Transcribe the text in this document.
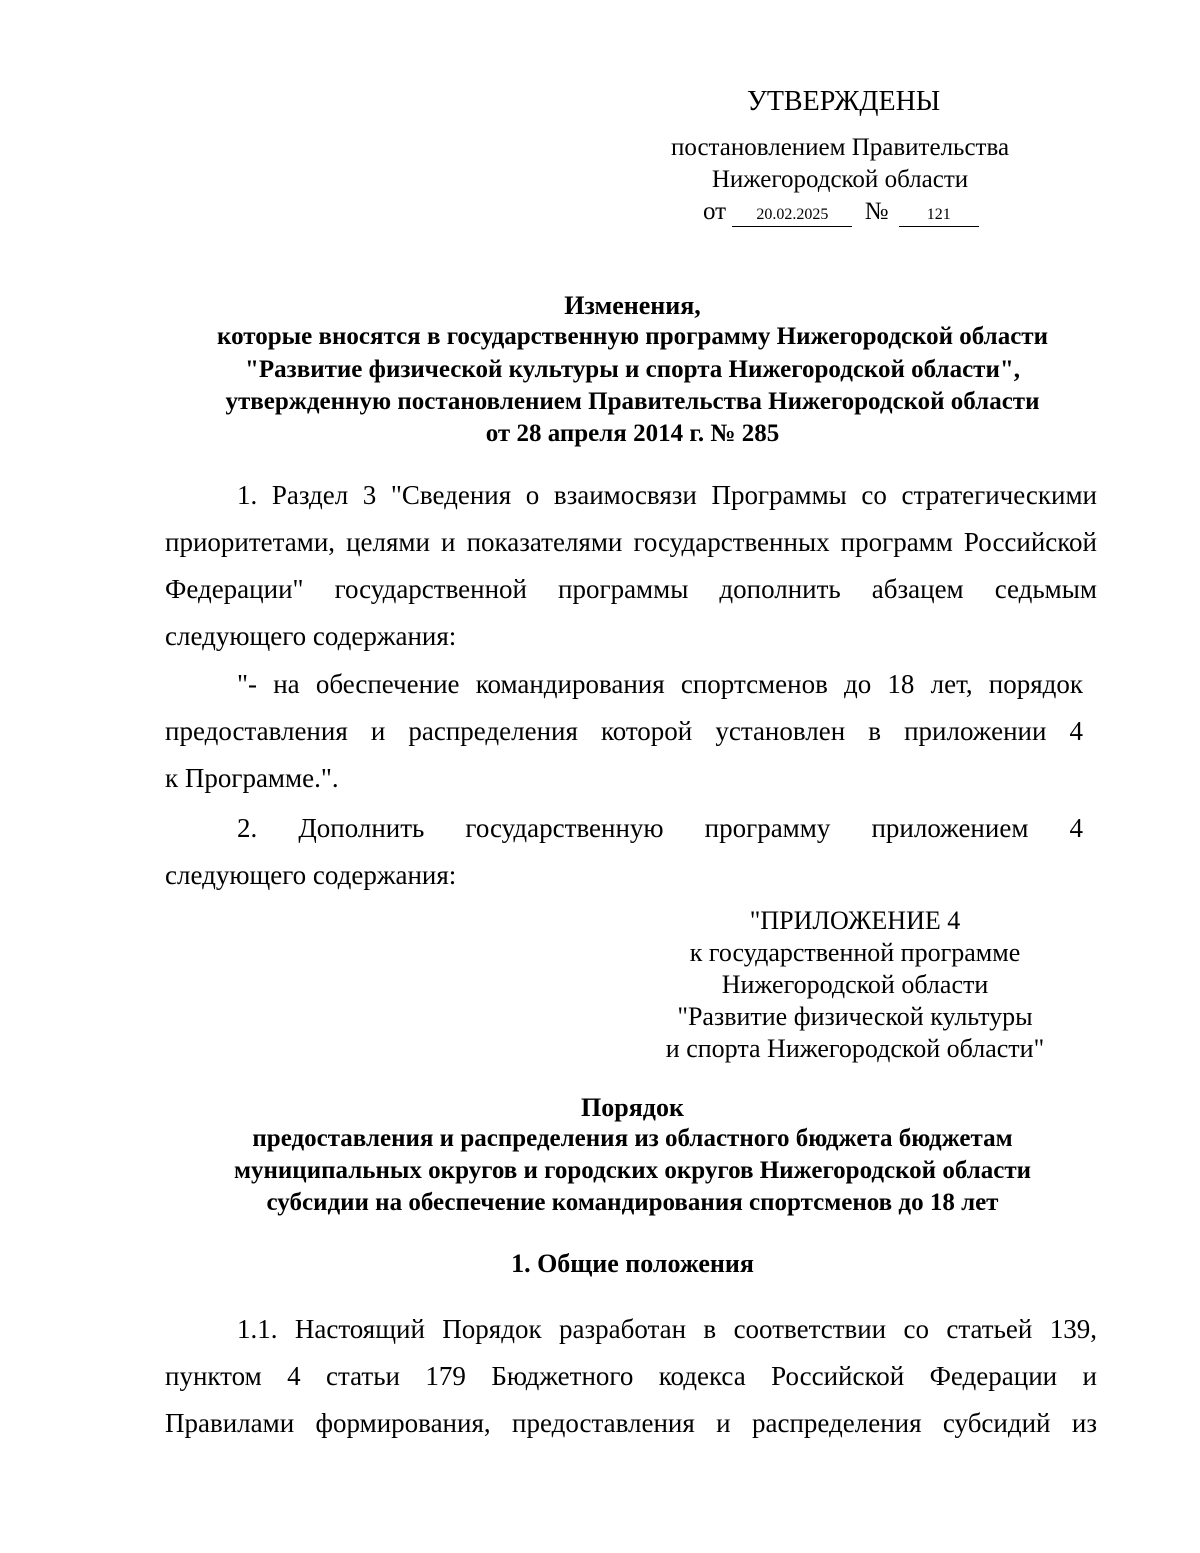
УТВЕРЖДЕНЫ
постановлением Правительства
Нижегородской области
от 20.02.2025 № 121
Изменения,
которые вносятся в государственную программу Нижегородской области
"Развитие физической культуры и спорта Нижегородской области",
утвержденную постановлением Правительства Нижегородской области
от 28 апреля 2014 г. № 285
1. Раздел 3 "Сведения о взаимосвязи Программы со стратегическими
приоритетами, целями и показателями государственных программ Российской
Федерации" государственной программы дополнить абзацем седьмым
следующего содержания:
"- на обеспечение командирования спортсменов до 18 лет, порядок
предоставления и распределения которой установлен в приложении 4
к Программе.".
2. Дополнить государственную программу приложением 4
следующего содержания:
"ПРИЛОЖЕНИЕ 4
к государственной программе
Нижегородской области
"Развитие физической культуры
и спорта Нижегородской области"
Порядок
предоставления и распределения из областного бюджета бюджетам
муниципальных округов и городских округов Нижегородской области
субсидии на обеспечение командирования спортсменов до 18 лет
1. Общие положения
1.1. Настоящий Порядок разработан в соответствии со статьей 139,
пунктом 4 статьи 179 Бюджетного кодекса Российской Федерации и
Правилами формирования, предоставления и распределения субсидий из
